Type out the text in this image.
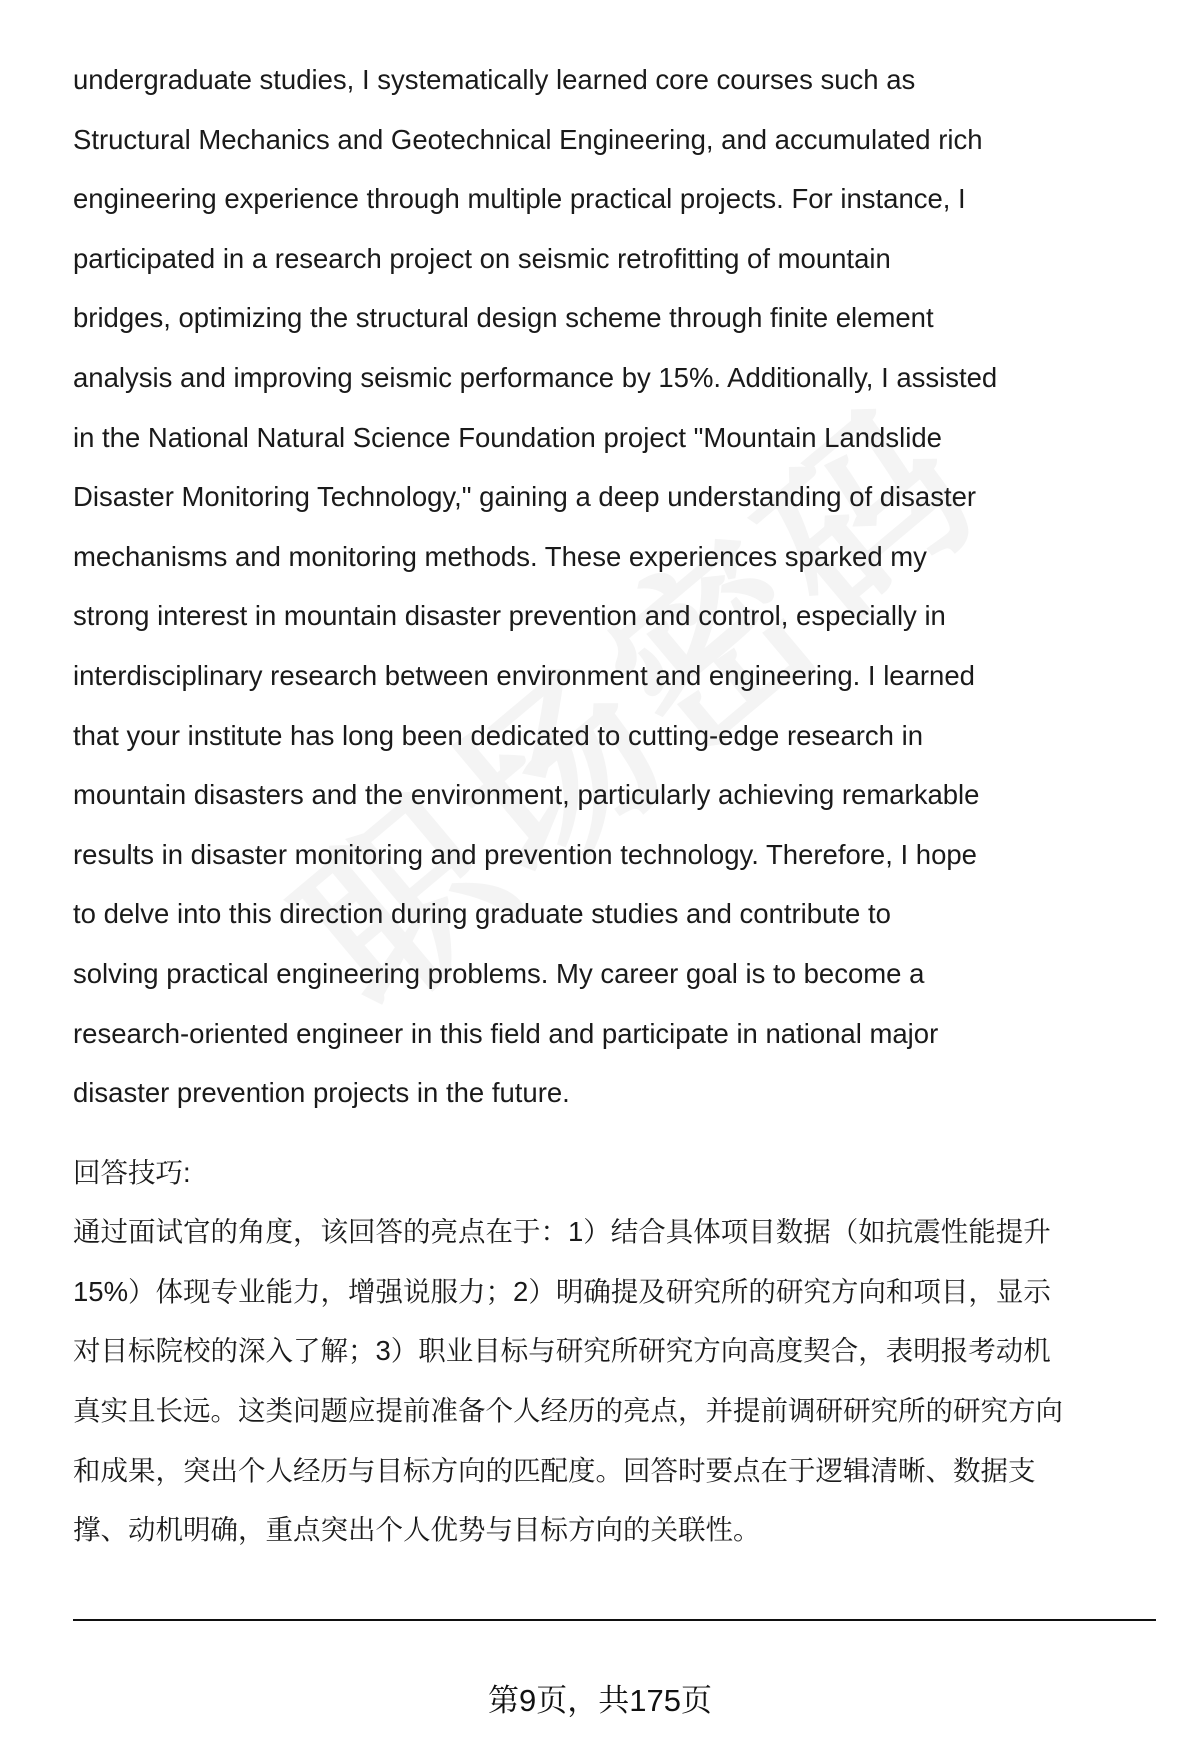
undergraduate studies, I systematically learned core courses such as
Structural Mechanics and Geotechnical Engineering, and accumulated rich
engineering experience through multiple practical projects. For instance, I
participated in a research project on seismic retrofitting of mountain
bridges, optimizing the structural design scheme through finite element
analysis and improving seismic performance by 15%. Additionally, I assisted
in the National Natural Science Foundation project "Mountain Landslide
Disaster Monitoring Technology," gaining a deep understanding of disaster
mechanisms and monitoring methods. These experiences sparked my
strong interest in mountain disaster prevention and control, especially in
interdisciplinary research between environment and engineering. I learned
that your institute has long been dedicated to cutting-edge research in
mountain disasters and the environment, particularly achieving remarkable
results in disaster monitoring and prevention technology. Therefore, I hope
to delve into this direction during graduate studies and contribute to
solving practical engineering problems. My career goal is to become a
research-oriented engineer in this field and participate in national major
disaster prevention projects in the future.
回答技巧:
通过面试官的角度，该回答的亮点在于：1）结合具体项目数据（如抗震性能提升
15%）体现专业能力，增强说服力；2）明确提及研究所的研究方向和项目，显示
对目标院校的深入了解；3）职业目标与研究所研究方向高度契合，表明报考动机
真实且长远。这类问题应提前准备个人经历的亮点，并提前调研研究所的研究方向
和成果，突出个人经历与目标方向的匹配度。回答时要点在于逻辑清晰、数据支
撑、动机明确，重点突出个人优势与目标方向的关联性。
第9页，共175页
